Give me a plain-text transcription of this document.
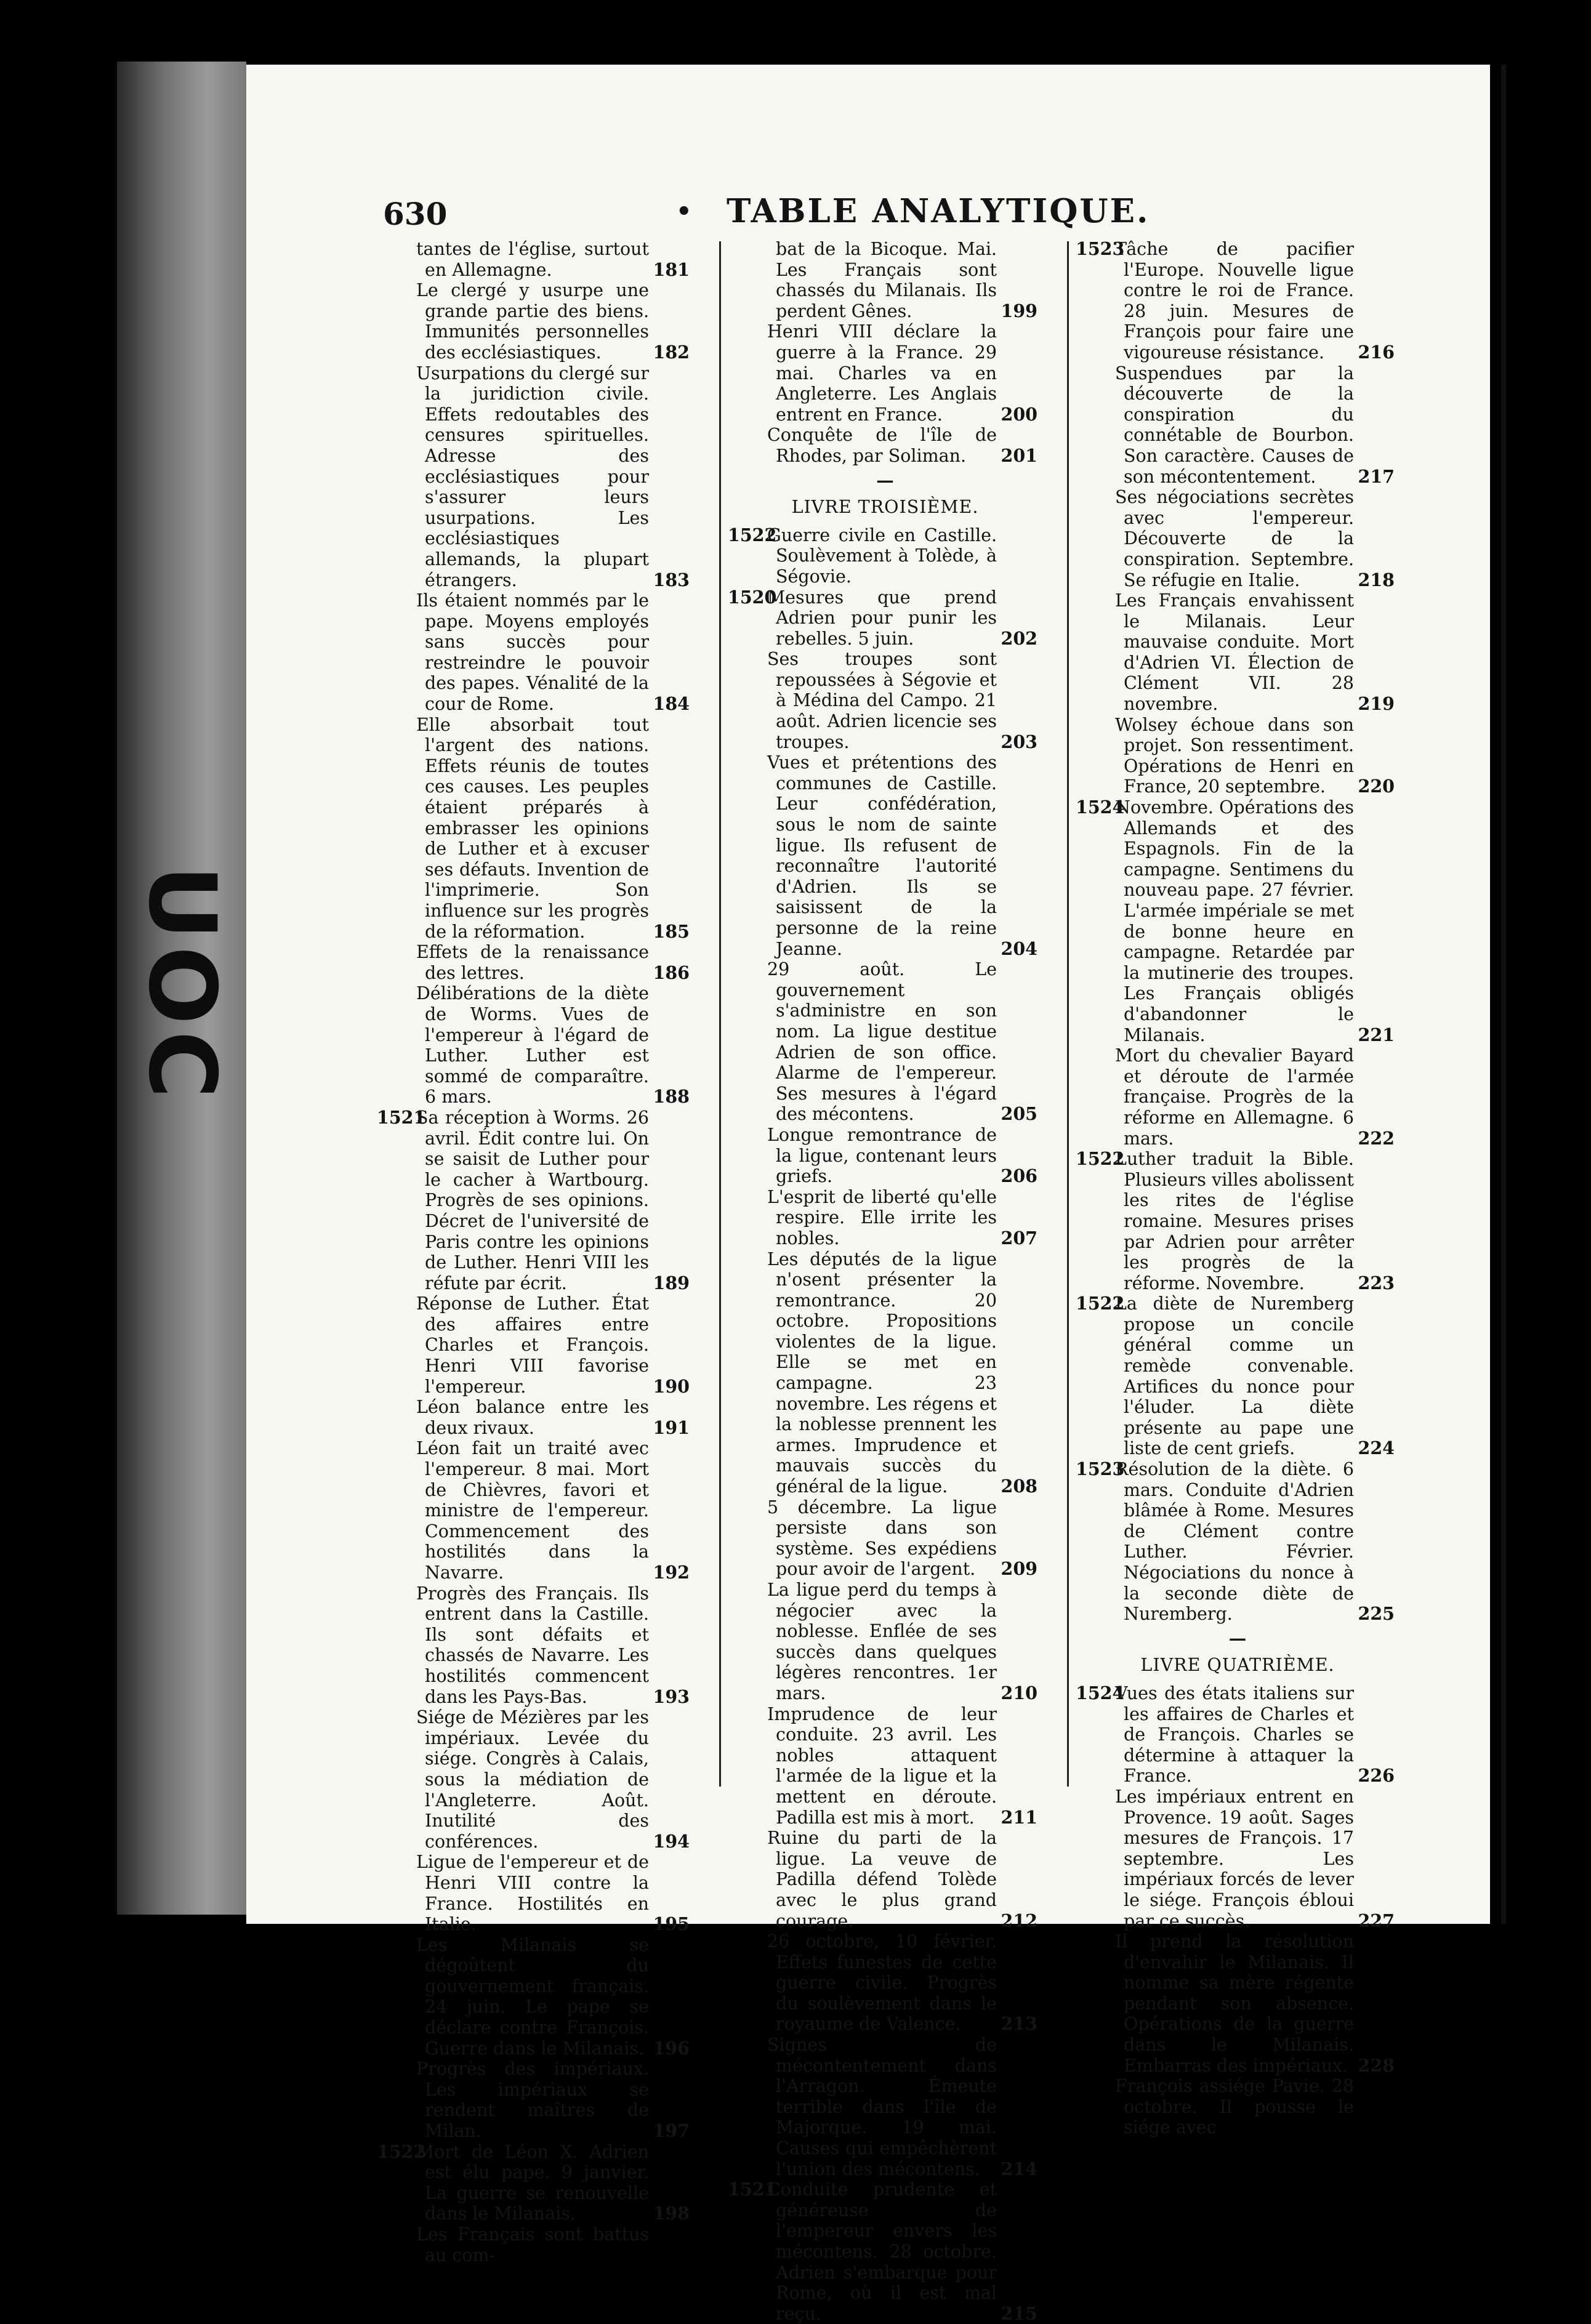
UOC
630	• TABLE ANALYTIQUE.
tantes de l'église, surtout en Allemagne.	181
Le clergé y usurpe une grande partie des biens. Immunités personnelles des ecclésiastiques.	182
Usurpations du clergé sur la juridiction civile. Effets redoutables des censures spirituelles. Adresse des ecclésiastiques pour s'assurer leurs usurpations. Les ecclésiastiques allemands, la plupart étrangers.	183
Ils étaient nommés par le pape. Moyens employés sans succès pour restreindre le pouvoir des papes. Vénalité de la cour de Rome.	184
Elle absorbait tout l'argent des nations. Effets réunis de toutes ces causes. Les peuples étaient préparés à embrasser les opinions de Luther et à excuser ses défauts. Invention de l'imprimerie. Son influence sur les progrès de la réformation.	185
Effets de la renaissance des lettres.	186
Délibérations de la diète de Worms. Vues de l'empereur à l'égard de Luther. Luther est sommé de comparaître. 6 mars.	188
1521
Sa réception à Worms. 26 avril. Édit contre lui. On se saisit de Luther pour le cacher à Wartbourg. Progrès de ses opinions. Décret de l'université de Paris contre les opinions de Luther. Henri VIII les réfute par écrit.	189
Réponse de Luther. État des affaires entre Charles et François. Henri VIII favorise l'empereur.	190
Léon balance entre les deux rivaux.	191
Léon fait un traité avec l'empereur. 8 mai. Mort de Chièvres, favori et ministre de l'empereur. Commencement des hostilités dans la Navarre.	192
Progrès des Français. Ils entrent dans la Castille. Ils sont défaits et chassés de Navarre. Les hostilités commencent dans les Pays-Bas.	193
Siége de Mézières par les impériaux. Levée du siége. Congrès à Calais, sous la médiation de l'Angleterre. Août. Inutilité des conférences.	194
Ligue de l'empereur et de Henri VIII contre la France. Hostilités en Italie.	195
Les Milanais se dégoûtent du gouvernement français. 24 juin. Le pape se déclare contre François. Guerre dans le Milanais. 196
Progrès des impériaux. Les impériaux se rendent maîtres de Milan.	197
1522
Mort de Léon X. Adrien est élu pape. 9 janvier. La guerre se renouvelle dans le Milanais.	198
Les Français sont battus au com-
bat de la Bicoque. Mai. Les Français sont chassés du Milanais. Ils perdent Gênes.	199
Henri VIII déclare la guerre à la France. 29 mai. Charles va en Angleterre. Les Anglais entrent en France.	200
Conquête de l'île de Rhodes, par Soliman. 201
—
LIVRE TROISIÈME.
1522
Guerre civile en Castille. Soulèvement à Tolède, à Ségovie.
1520
Mesures que prend Adrien pour punir les rebelles. 5 juin.	202
Ses troupes sont repoussées à Ségovie et à Médina del Campo. 21 août. Adrien licencie ses troupes.	203
Vues et prétentions des communes de Castille. Leur confédération, sous le nom de sainte ligue. Ils refusent de reconnaître l'autorité d'Adrien. Ils se saisissent de la personne de la reine Jeanne.	204
29 août. Le gouvernement s'administre en son nom. La ligue destitue Adrien de son office. Alarme de l'empereur. Ses mesures à l'égard des mécontens.	205
Longue remontrance de la ligue, contenant leurs griefs.	206
L'esprit de liberté qu'elle respire. Elle irrite les nobles.	207
Les députés de la ligue n'osent présenter la remontrance. 20 octobre. Propositions violentes de la ligue. Elle se met en campagne. 23 novembre. Les régens et la noblesse prennent les armes. Imprudence et mauvais succès du général de la ligue.	208
5 décembre. La ligue persiste dans son système. Ses expédiens pour avoir de l'argent. 209
La ligue perd du temps à négocier avec la noblesse. Enflée de ses succès dans quelques légères rencontres. 1er mars.	210
Imprudence de leur conduite. 23 avril. Les nobles attaquent l'armée de la ligue et la mettent en déroute. Padilla est mis à mort. 211
Ruine du parti de la ligue. La veuve de Padilla défend Tolède avec le plus grand courage.	212
26 octobre, 10 février. Effets funestes de cette guerre civile. Progrès du soulèvement dans le royaume de Valence. 213
Signes de mécontentement dans l'Arragon. Émeute terrible dans l'île de Majorque. 19 mai. Causes qui empêchèrent l'union des mécontens. 214
1521
Conduite prudente et généreuse de l'empereur envers les mécontens. 28 octobre. Adrien s'embarque pour Rome, où il est mal reçu.	215
1523
Tâche de pacifier l'Europe. Nouvelle ligue contre le roi de France. 28 juin. Mesures de François pour faire une vigoureuse résistance. 216
Suspendues par la découverte de la conspiration du connétable de Bourbon. Son caractère. Causes de son mécontentement. 217
Ses négociations secrètes avec l'empereur. Découverte de la conspiration. Septembre. Se réfugie en Italie.	218
Les Français envahissent le Milanais. Leur mauvaise conduite. Mort d'Adrien VI. Élection de Clément VII. 28 novembre.	219
Wolsey échoue dans son projet. Son ressentiment. Opérations de Henri en France, 20 septembre. 220
1524
Novembre. Opérations des Allemands et des Espagnols. Fin de la campagne. Sentimens du nouveau pape. 27 février. L'armée impériale se met de bonne heure en campagne. Retardée par la mutinerie des troupes. Les Français obligés d'abandonner le Milanais.	221
Mort du chevalier Bayard et déroute de l'armée française. Progrès de la réforme en Allemagne. 6 mars.	222
1522
Luther traduit la Bible. Plusieurs villes abolissent les rites de l'église romaine. Mesures prises par Adrien pour arrêter les progrès de la réforme. Novembre.	223
1522
La diète de Nuremberg propose un concile général comme un remède convenable. Artifices du nonce pour l'éluder. La diète présente au pape une liste de cent griefs.	224
1523
Résolution de la diète. 6 mars. Conduite d'Adrien blâmée à Rome. Mesures de Clément contre Luther. Février. Négociations du nonce à la seconde diète de Nuremberg.	225
—
LIVRE QUATRIÈME.
1524
Vues des états italiens sur les affaires de Charles et de François. Charles se détermine à attaquer la France.	226
Les impériaux entrent en Provence. 19 août. Sages mesures de François. 17 septembre. Les impériaux forcés de lever le siége. François ébloui par ce succès.	227
Il prend la résolution d'envahir le Milanais. Il nomme sa mère régente pendant son absence. Opérations de la guerre dans le Milanais. Embarras des impériaux. 228
François assiége Pavie. 28 octobre. Il pousse le siége avec
